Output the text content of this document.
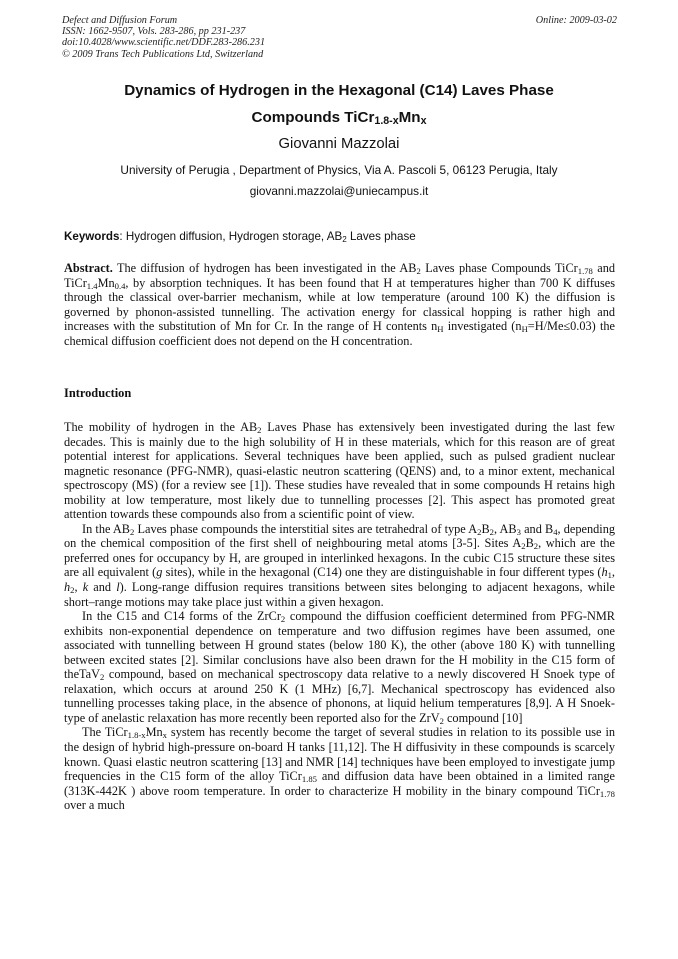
Defect and Diffusion Forum
ISSN: 1662-9507, Vols. 283-286, pp 231-237
doi:10.4028/www.scientific.net/DDF.283-286.231
© 2009 Trans Tech Publications Ltd, Switzerland
Online: 2009-03-02
Dynamics of Hydrogen in the Hexagonal (C14) Laves Phase
Compounds $TiCr_{1.8-x}Mn_x$
Giovanni Mazzolai
University of Perugia , Department of Physics, Via A. Pascoli 5, 06123 Perugia, Italy
giovanni.mazzolai@uniecampus.it
Keywords: Hydrogen diffusion, Hydrogen storage, $AB_2$ Laves phase

Abstract. The diffusion of hydrogen has been investigated in the $AB_2$ Laves phase Compounds TiCr$_{1.78}$ and $TiCr_{1.4}Mn_{0.4}$, by absorption techniques. It has been found that H at temperatures higher than 700 K diffuses through the classical over-barrier mechanism, while at low temperature (around 100 K) the diffusion is governed by phonon-assisted tunnelling. The activation energy for classical hopping is rather high and increases with the substitution of Mn for Cr. In the range of H contents $n_H$ investigated $(n_H=H/Me\le 0.03)$ the chemical diffusion coefficient does not depend on the H concentration.

Introduction

The mobility of hydrogen in the $AB_2$ Laves Phase has extensively been investigated during the last few decades. This is mainly due to the high solubility of H in these materials, which for this reason are of great potential interest for applications. Several techniques have been applied, such as pulsed gradient nuclear magnetic resonance (PFG-NMR), quasi-elastic neutron scattering (QENS) and, to a minor extent, mechanical spectroscopy (MS) (for a review see [1]). These studies have revealed that in some compounds H retains high mobility at low temperature, most likely due to tunnelling processes [2]. This aspect has promoted great attention towards these compounds also from a scientific point of view.

In the $AB_2$ Laves phase compounds the interstitial sites are tetrahedral of type $A_2B_2$, $AB_3$ and $B_4$, depending on the chemical composition of the first shell of neighbouring metal atoms [3-5]. Sites $A_2B_2$, which are the preferred ones for occupancy by H, are grouped in interlinked hexagons. In the cubic C15 structure these sites are all equivalent (g sites), while in the hexagonal (C14) one they are distinguishable in four different types ($h_1$, $h_2$, k and l). Long-range diffusion requires transitions between sites belonging to adjacent hexagons, while short–range motions may take place just within a given hexagon.

In the C15 and C14 forms of the ZrCr$_2$ compound the diffusion coefficient determined from PFG-NMR exhibits non-exponential dependence on temperature and two diffusion regimes have been assumed, one associated with tunnelling between H ground states (below 180 K), the other (above 180 K) with tunnelling between excited states [2]. Similar conclusions have also been drawn for the H mobility in the C15 form of theTaV$_2$ compound, based on mechanical spectroscopy data relative to a newly discovered H Snoek type of relaxation, which occurs at around 250 K (1 MHz) [6,7]. Mechanical spectroscopy has evidenced also tunnelling processes taking place, in the absence of phonons, at liquid helium temperatures [8,9]. A H Snoek-type of anelastic relaxation has more recently been reported also for the ZrV$_2$ compound [10]

The $TiCr_{1.8-x}Mn_x$ system has recently become the target of several studies in relation to its possible use in the design of hybrid high-pressure on-board H tanks [11,12]. The H diffusivity in these compounds is scarcely known. Quasi elastic neutron scattering [13] and NMR [14] techniques have been employed to investigate jump frequencies in the C15 form of the alloy TiCr$_{1.85}$ and diffusion data have been obtained in a limited range (313K-442K ) above room temperature. In order to characterize H mobility in the binary compound TiCr$_{1.78}$ over a much
